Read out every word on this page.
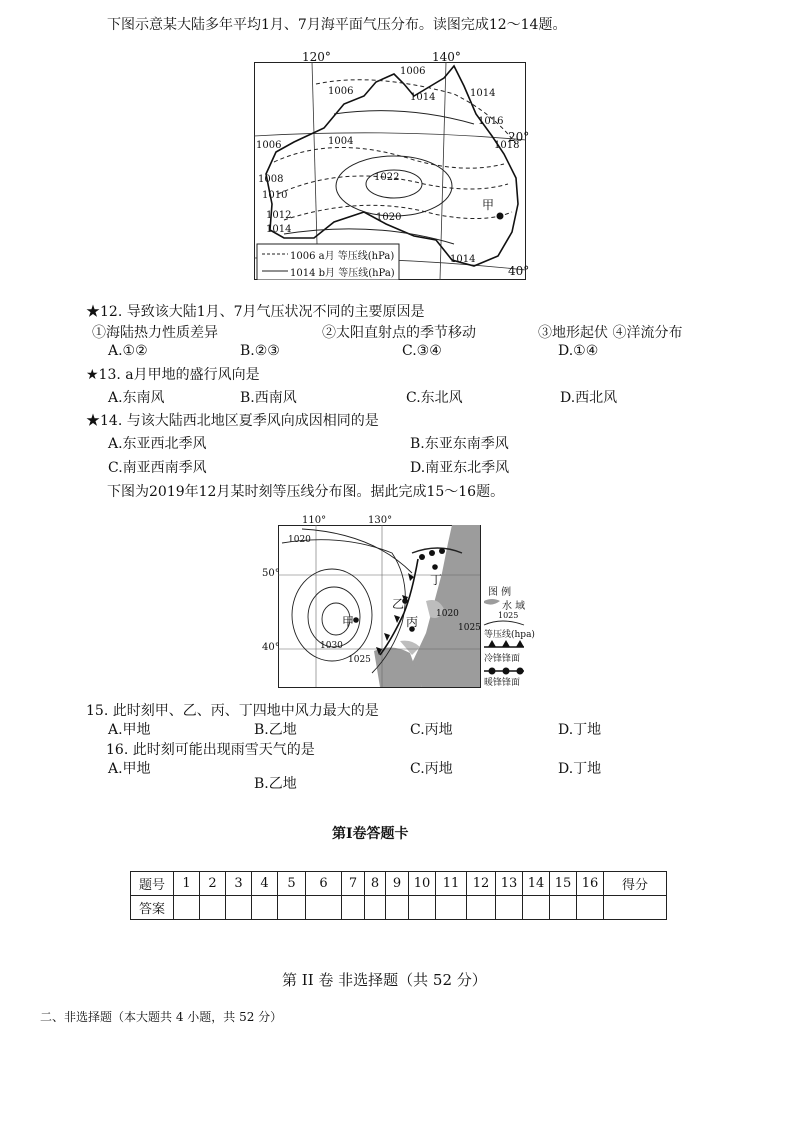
下图示意某大陆多年平均1月、7月海平面气压分布。读图完成12～14题。
120°	140°
20°
40°
1006
1006
1014	1014
1016
1018
1006	1004
1022
1008
1010
1012
1014
1020
1014
甲
1006 a月 等压线(hPa)
1014 b月 等压线(hPa)
★12. 导致该大陆1月、7月气压状况不同的主要原因是
①海陆热力性质差异	②太阳直射点的季节移动	③地形起伏 ④洋流分布
A.①②	B.②③	C.③④	D.①④
★13. a月甲地的盛行风向是
A.东南风	B.西南风	C.东北风	D.西北风
★14. 与该大陆西北地区夏季风向成因相同的是
A.东亚西北季风	B.东亚东南季风
C.南亚西南季风	D.南亚东北季风
下图为2019年12月某时刻等压线分布图。据此完成15～16题。
110°	130°
50°
40°
1020
1030
1025
1020
1025
甲
乙
丙
丁
图 例
水 域
1025
等压线(hpa)
冷锋锋面
暖锋锋面
15. 此时刻甲、乙、丙、丁四地中风力最大的是
A.甲地	B.乙地	C.丙地	D.丁地
16. 此时刻可能出现雨雪天气的是
A.甲地
B.乙地
C.丙地	D.丁地
第Ⅰ卷答题卡
题号	1	2	3	4	5	6	7	8	9	10	11	12	13	14	15	16	得分
答案																	
第 II 卷 非选择题（共 52 分）
二、非选择题（本大题共 4 小题，共 52 分）
